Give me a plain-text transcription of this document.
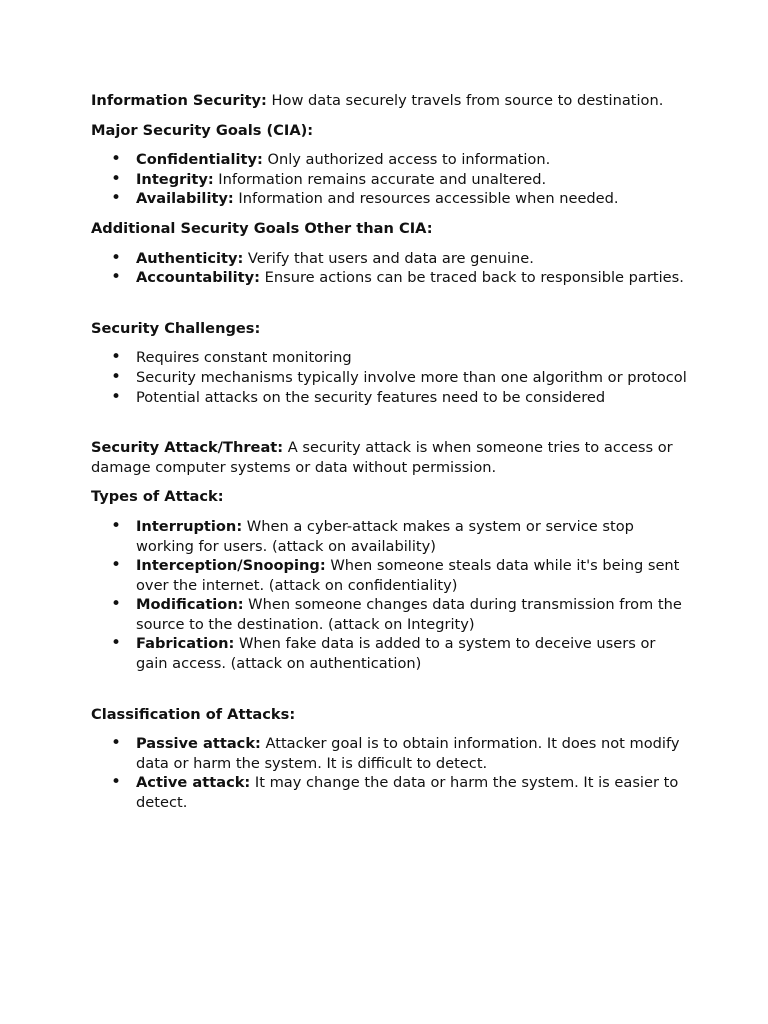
Information Security: How data securely travels from source to destination.

Major Security Goals (CIA):

• Confidentiality: Only authorized access to information.
• Integrity: Information remains accurate and unaltered.
• Availability: Information and resources accessible when needed.

Additional Security Goals Other than CIA:

• Authenticity: Verify that users and data are genuine.
• Accountability: Ensure actions can be traced back to responsible parties.

Security Challenges:

• Requires constant monitoring
• Security mechanisms typically involve more than one algorithm or protocol
• Potential attacks on the security features need to be considered

Security Attack/Threat: A security attack is when someone tries to access or damage computer systems or data without permission.

Types of Attack:

• Interruption: When a cyber-attack makes a system or service stop working for users. (attack on availability)
• Interception/Snooping: When someone steals data while it's being sent over the internet. (attack on confidentiality)
• Modification: When someone changes data during transmission from the source to the destination. (attack on Integrity)
• Fabrication: When fake data is added to a system to deceive users or gain access. (attack on authentication)

Classification of Attacks:

• Passive attack: Attacker goal is to obtain information. It does not modify data or harm the system. It is difficult to detect.
• Active attack: It may change the data or harm the system. It is easier to detect.
